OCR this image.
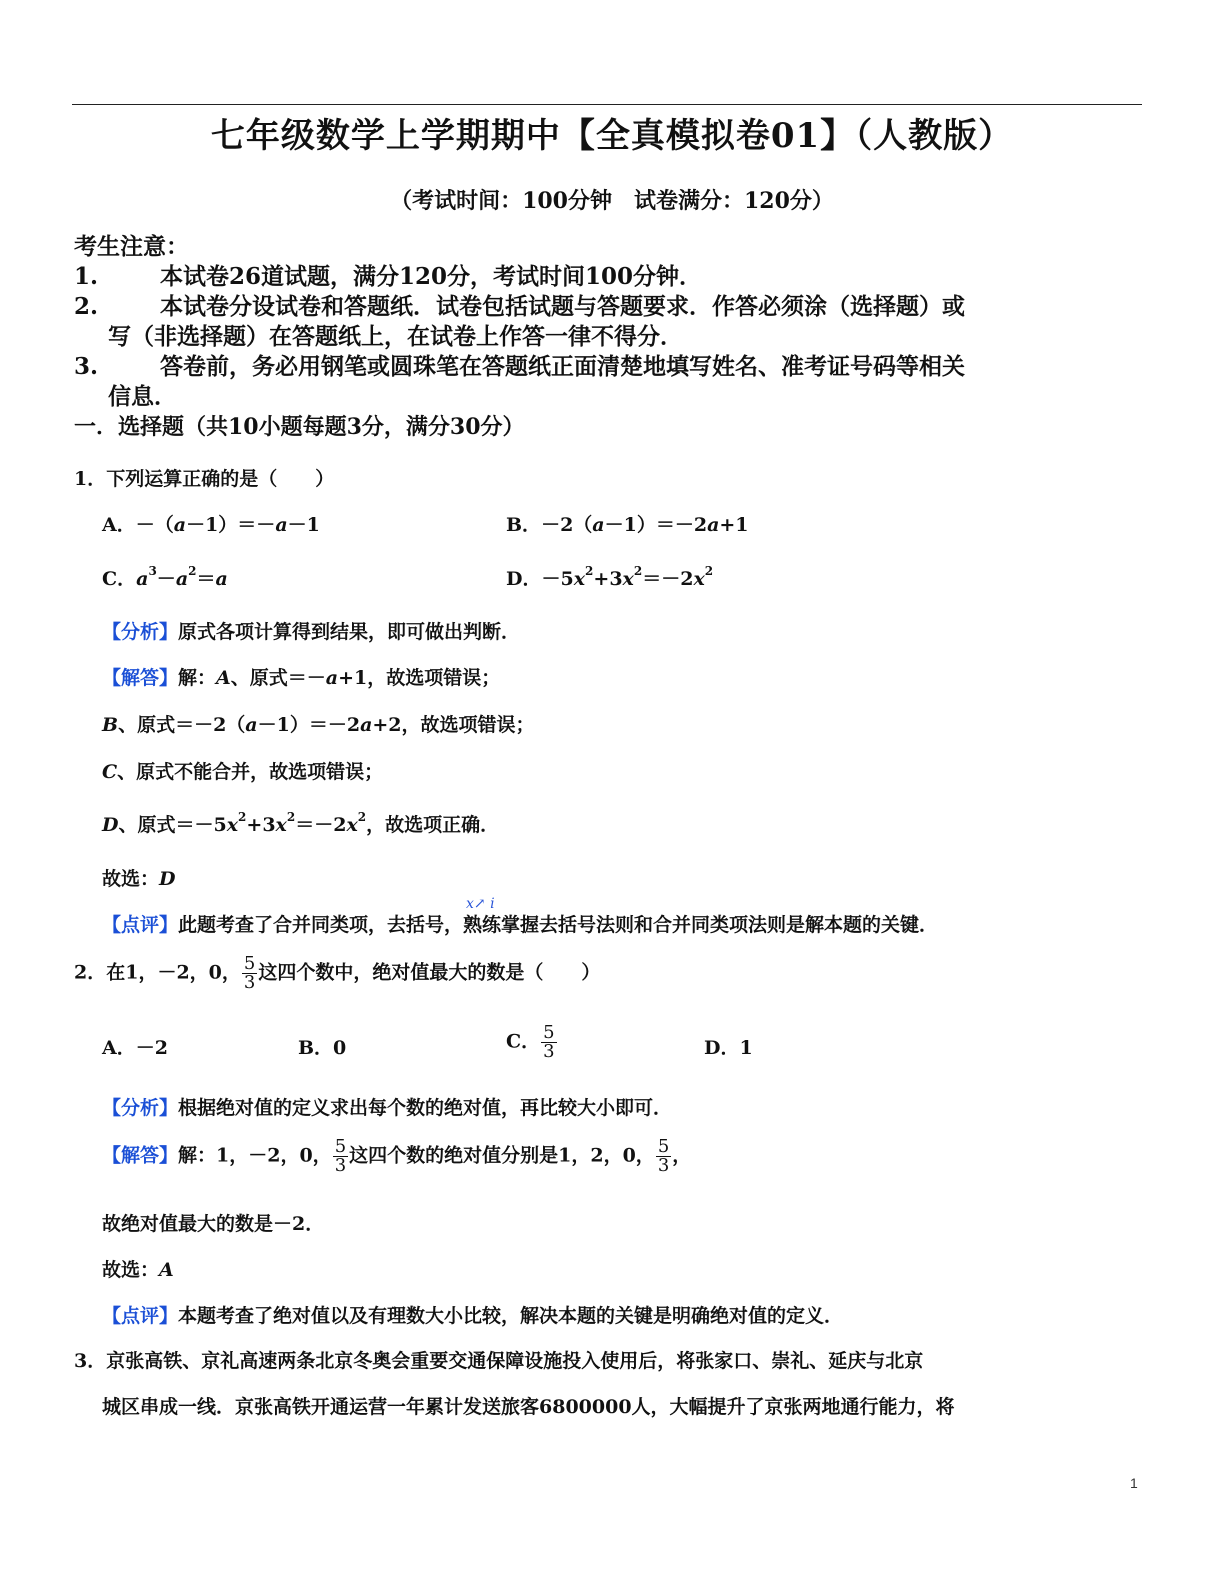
七年级数学上学期期中【全真模拟卷01】（人教版）
（考试时间：100分钟　试卷满分：120分）
考生注意：
1.	本试卷26道试题，满分120分，考试时间100分钟．
2.	本试卷分设试卷和答题纸．试卷包括试题与答题要求．作答必须涂（选择题）或
写（非选择题）在答题纸上，在试卷上作答一律不得分．
3.	答卷前，务必用钢笔或圆珠笔在答题纸正面清楚地填写姓名、准考证号码等相关
信息．
一．选择题（共10小题每题3分，满分30分）
1．下列运算正确的是（　　）
A．－（a－1）＝－a－1	B．－2（a－1）＝－2a+1
C．$a^3-a^2=a$	D．$-5x^2+3x^2=-2x^2$
【分析】原式各项计算得到结果，即可做出判断．
【解答】解：A、原式＝－a+1，故选项错误；
B、原式＝－2（a－1）＝－2a+2，故选项错误；
C、原式不能合并，故选项错误；
D、原式$=-5x^2+3x^2=-2x^2$，故选项正确．
故选：D
x↗ i
【点评】此题考查了合并同类项，去括号，熟练掌握去括号法则和合并同类项法则是解本题的关键．
2．在1，－2，0， $\frac{5}{3}$ 这四个数中，绝对值最大的数是（　　）
A．－2	B．0	C． $\frac{5}{3}$	D．1
【分析】根据绝对值的定义求出每个数的绝对值，再比较大小即可．
【解答】解：1，－2，0， $\frac{5}{3}$ 这四个数的绝对值分别是1，2，0， $\frac{5}{3}$ ，
故绝对值最大的数是－2．
故选：A
【点评】本题考查了绝对值以及有理数大小比较，解决本题的关键是明确绝对值的定义．
3．京张高铁、京礼高速两条北京冬奥会重要交通保障设施投入使用后，将张家口、崇礼、延庆与北京
城区串成一线．京张高铁开通运营一年累计发送旅客6800000人，大幅提升了京张两地通行能力，将
1
